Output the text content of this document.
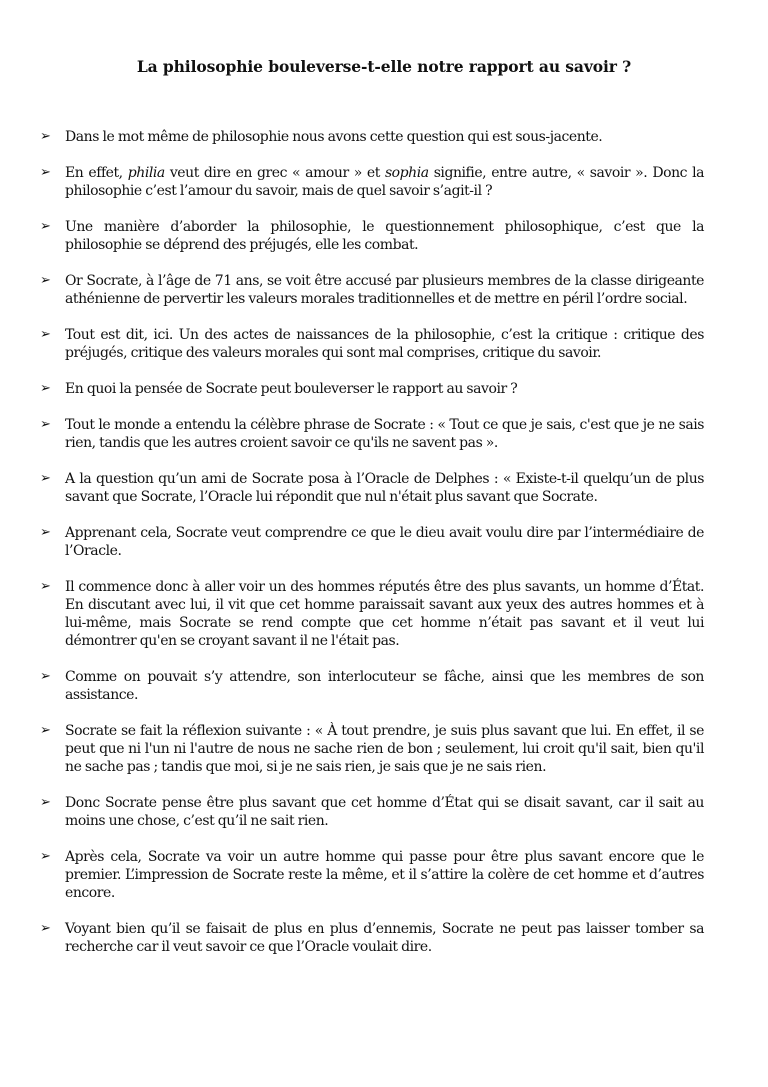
La philosophie bouleverse-t-elle notre rapport au savoir ?
➢	Dans le mot même de philosophie nous avons cette question qui est sous-jacente.
➢	En effet, philia veut dire en grec « amour » et sophia signifie, entre autre, « savoir ». Donc la philosophie c’est l’amour du savoir, mais de quel savoir s’agit-il ?
➢	Une manière d’aborder la philosophie, le questionnement philosophique, c’est que la philosophie se déprend des préjugés, elle les combat.
➢	Or Socrate, à l’âge de 71 ans, se voit être accusé par plusieurs membres de la classe dirigeante athénienne de pervertir les valeurs morales traditionnelles et de mettre en péril l’ordre social.
➢	Tout est dit, ici. Un des actes de naissances de la philosophie, c’est la critique : critique des préjugés, critique des valeurs morales qui sont mal comprises, critique du savoir.
➢	En quoi la pensée de Socrate peut bouleverser le rapport au savoir ?
➢	Tout le monde a entendu la célèbre phrase de Socrate : « Tout ce que je sais, c'est que je ne sais rien, tandis que les autres croient savoir ce qu'ils ne savent pas ».
➢	A la question qu’un ami de Socrate posa à l’Oracle de Delphes : « Existe-t-il quelqu’un de plus savant que Socrate, l’Oracle lui répondit que nul n'était plus savant que Socrate.
➢	Apprenant cela, Socrate veut comprendre ce que le dieu avait voulu dire par l’intermédiaire de l’Oracle.
➢	Il commence donc à aller voir un des hommes réputés être des plus savants, un homme d’État. En discutant avec lui, il vit que cet homme paraissait savant aux yeux des autres hommes et à lui-même, mais Socrate se rend compte que cet homme n’était pas savant et il veut lui démontrer qu'en se croyant savant il ne l'était pas.
➢	Comme on pouvait s’y attendre, son interlocuteur se fâche, ainsi que les membres de son assistance.
➢	Socrate se fait la réflexion suivante : « À tout prendre, je suis plus savant que lui. En effet, il se peut que ni l'un ni l'autre de nous ne sache rien de bon ; seulement, lui croit qu'il sait, bien qu'il ne sache pas ; tandis que moi, si je ne sais rien, je sais que je ne sais rien.
➢	Donc Socrate pense être plus savant que cet homme d’État qui se disait savant, car il sait au moins une chose, c’est qu’il ne sait rien.
➢	Après cela, Socrate va voir un autre homme qui passe pour être plus savant encore que le premier. L’impression de Socrate reste la même, et il s’attire la colère de cet homme et d’autres encore.
➢	Voyant bien qu’il se faisait de plus en plus d’ennemis, Socrate ne peut pas laisser tomber sa recherche car il veut savoir ce que l’Oracle voulait dire.
